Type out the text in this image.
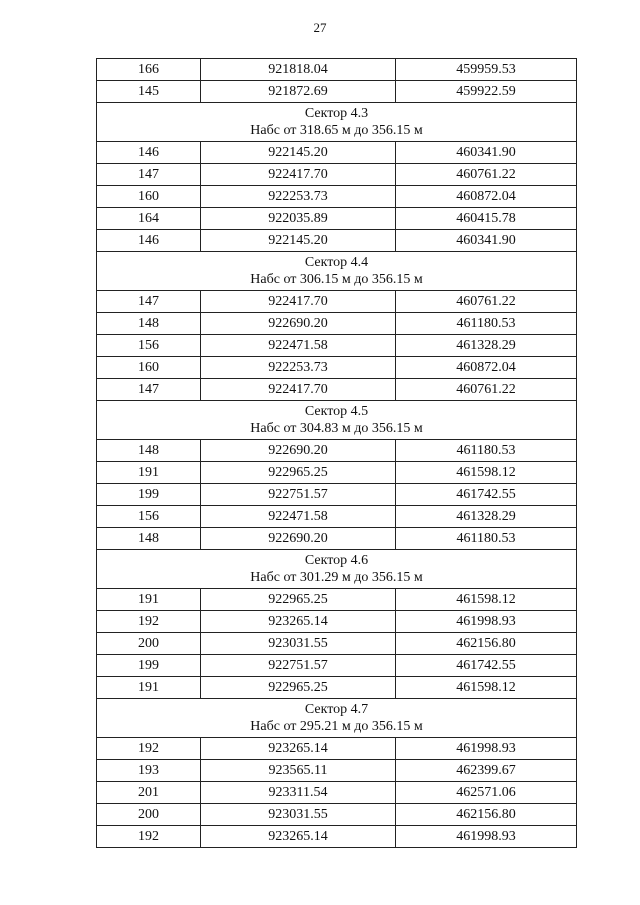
27
166	921818.04	459959.53
145	921872.69	459922.59

Сектор 4.3
Набс от 318.65 м до 356.15 м		

146	922145.20	460341.90
147	922417.70	460761.22
160	922253.73	460872.04
164	922035.89	460415.78
146	922145.20	460341.90

Сектор 4.4
Набс от 306.15 м до 356.15 м		

147	922417.70	460761.22
148	922690.20	461180.53
156	922471.58	461328.29
160	922253.73	460872.04
147	922417.70	460761.22

Сектор 4.5
Набс от 304.83 м до 356.15 м		

148	922690.20	461180.53
191	922965.25	461598.12
199	922751.57	461742.55
156	922471.58	461328.29
148	922690.20	461180.53

Сектор 4.6
Набс от 301.29 м до 356.15 м		

191	922965.25	461598.12
192	923265.14	461998.93
200	923031.55	462156.80
199	922751.57	461742.55
191	922965.25	461598.12

Сектор 4.7
Набс от 295.21 м до 356.15 м		

192	923265.14	461998.93
193	923565.11	462399.67
201	923311.54	462571.06
200	923031.55	462156.80
192	923265.14	461998.93
